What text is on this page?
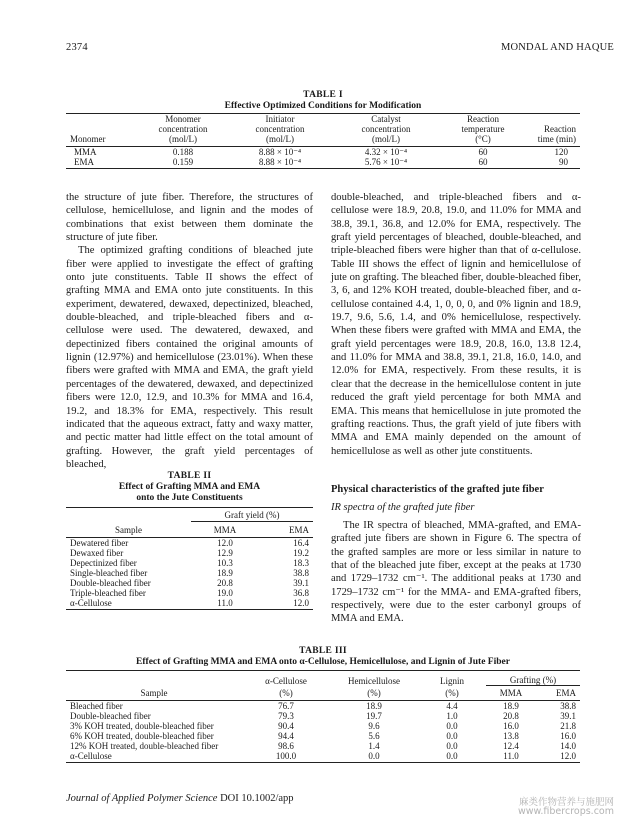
2374	MONDAL AND HAQUE
TABLE I
Effective Optimized Conditions for Modification

	Monomer	Initiator	Catalyst	Reaction	
	concentration	concentration	concentration	temperature	Reaction
Monomer	(mol/L)	(mol/L)	(mol/L)	(°C)	time (min)

MMA	0.188	8.88 × 10⁻⁴	4.32 × 10⁻⁴	60	120
EMA	0.159	8.88 × 10⁻⁴	5.76 × 10⁻⁴	60	90

the structure of jute fiber. Therefore, the structures of cellulose, hemicellulose, and lignin and the modes of combinations that exist between them dominate the structure of jute fiber.

The optimized grafting conditions of bleached jute fiber were applied to investigate the effect of grafting onto jute constituents. Table II shows the effect of grafting MMA and EMA onto jute constituents. In this experiment, dewatered, dewaxed, depectinized, bleached, double-bleached, and triple-bleached fibers and α-cellulose were used. The dewatered, dewaxed, and depectinized fibers contained the original amounts of lignin (12.97%) and hemicellulose (23.01%). When these fibers were grafted with MMA and EMA, the graft yield percentages of the dewatered, dewaxed, and depectinized fibers were 12.0, 12.9, and 10.3% for MMA and 16.4, 19.2, and 18.3% for EMA, respectively. This result indicated that the aqueous extract, fatty and waxy matter, and pectic matter had little effect on the total amount of grafting. However, the graft yield percentages of bleached,

TABLE II
Effect of Grafting MMA and EMA
onto the Jute Constituents

	Graft yield (%)	
Sample	MMA	EMA

Dewatered fiber	12.0	16.4
Dewaxed fiber	12.9	19.2
Depectinized fiber	10.3	18.3
Single-bleached fiber	18.9	38.8
Double-bleached fiber	20.8	39.1
Triple-bleached fiber	19.0	36.8
α-Cellulose	11.0	12.0

double-bleached, and triple-bleached fibers and α-cellulose were 18.9, 20.8, 19.0, and 11.0% for MMA and 38.8, 39.1, 36.8, and 12.0% for EMA, respectively. The graft yield percentages of bleached, double-bleached, and triple-bleached fibers were higher than that of α-cellulose. Table III shows the effect of lignin and hemicellulose of jute on grafting. The bleached fiber, double-bleached fiber, 3, 6, and 12% KOH treated, double-bleached fiber, and α-cellulose contained 4.4, 1, 0, 0, 0, and 0% lignin and 18.9, 19.7, 9.6, 5.6, 1.4, and 0% hemicellulose, respectively. When these fibers were grafted with MMA and EMA, the graft yield percentages were 18.9, 20.8, 16.0, 13.8 12.4, and 11.0% for MMA and 38.8, 39.1, 21.8, 16.0, 14.0, and 12.0% for EMA, respectively. From these results, it is clear that the decrease in the hemicellulose content in jute reduced the graft yield percentage for both MMA and EMA. This means that hemicellulose in jute promoted the grafting reactions. Thus, the graft yield of jute fibers with MMA and EMA mainly depended on the amount of hemicellulose as well as other jute constituents.

Physical characteristics of the grafted jute fiber
IR spectra of the grafted jute fiber

The IR spectra of bleached, MMA-grafted, and EMA-grafted jute fibers are shown in Figure 6. The spectra of the grafted samples are more or less similar in nature to that of the bleached jute fiber, except at the peaks at 1730 and 1729–1732 cm⁻¹. The additional peaks at 1730 and 1729–1732 cm⁻¹ for the MMA- and EMA-grafted fibers, respectively, were due to the ester carbonyl groups of MMA and EMA.

TABLE III
Effect of Grafting MMA and EMA onto α-Cellulose, Hemicellulose, and Lignin of Jute Fiber

	α-Cellulose	Hemicellulose	Lignin	Grafting (%)	
Sample	(%)	(%)	(%)	MMA	EMA

Bleached fiber	76.7	18.9	4.4	18.9	38.8
Double-bleached fiber	79.3	19.7	1.0	20.8	39.1
3% KOH treated, double-bleached fiber	90.4	9.6	0.0	16.0	21.8
6% KOH treated, double-bleached fiber	94.4	5.6	0.0	13.8	16.0
12% KOH treated, double-bleached fiber	98.6	1.4	0.0	12.4	14.0
α-Cellulose	100.0	0.0	0.0	11.0	12.0

Journal of Applied Polymer Science DOI 10.1002/app	麻类作物营养与施肥网
www.fibercrops.com
